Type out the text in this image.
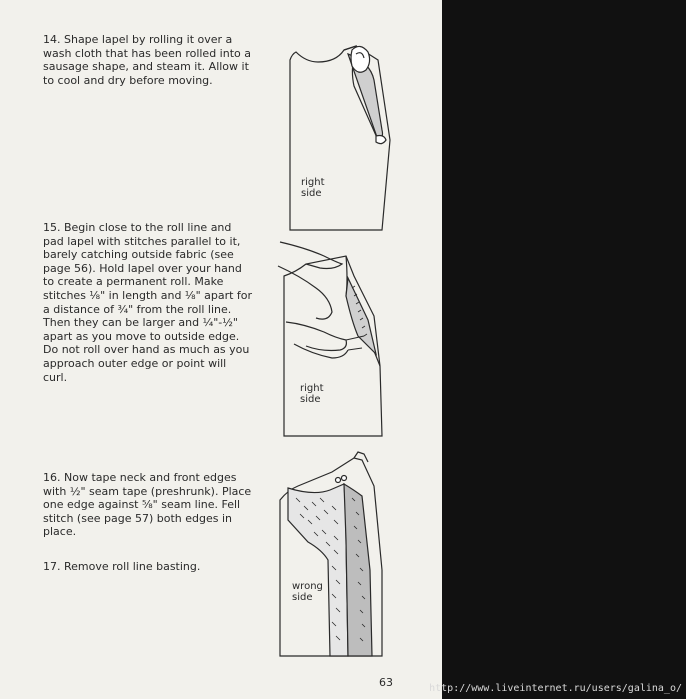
14. Shape lapel by rolling it over a
wash cloth that has been rolled into a
sausage shape, and steam it. Allow it
to cool and dry before moving.

15. Begin close to the roll line and
pad lapel with stitches parallel to it,
barely catching outside fabric (see
page 56). Hold lapel over your hand
to create a permanent roll. Make
stitches ⅛" in length and ⅛" apart for
a distance of ¾" from the roll line.
Then they can be larger and ¼"-½"
apart as you move to outside edge.
Do not roll over hand as much as you
approach outer edge or point will
curl.

16. Now tape neck and front edges
with ½" seam tape (preshrunk). Place
one edge against ⅝" seam line. Fell
stitch (see page 57) both edges in
place.

17. Remove roll line basting.

right
side
right
side
wrong
side
63	http://www.liveinternet.ru/users/galina_o/
